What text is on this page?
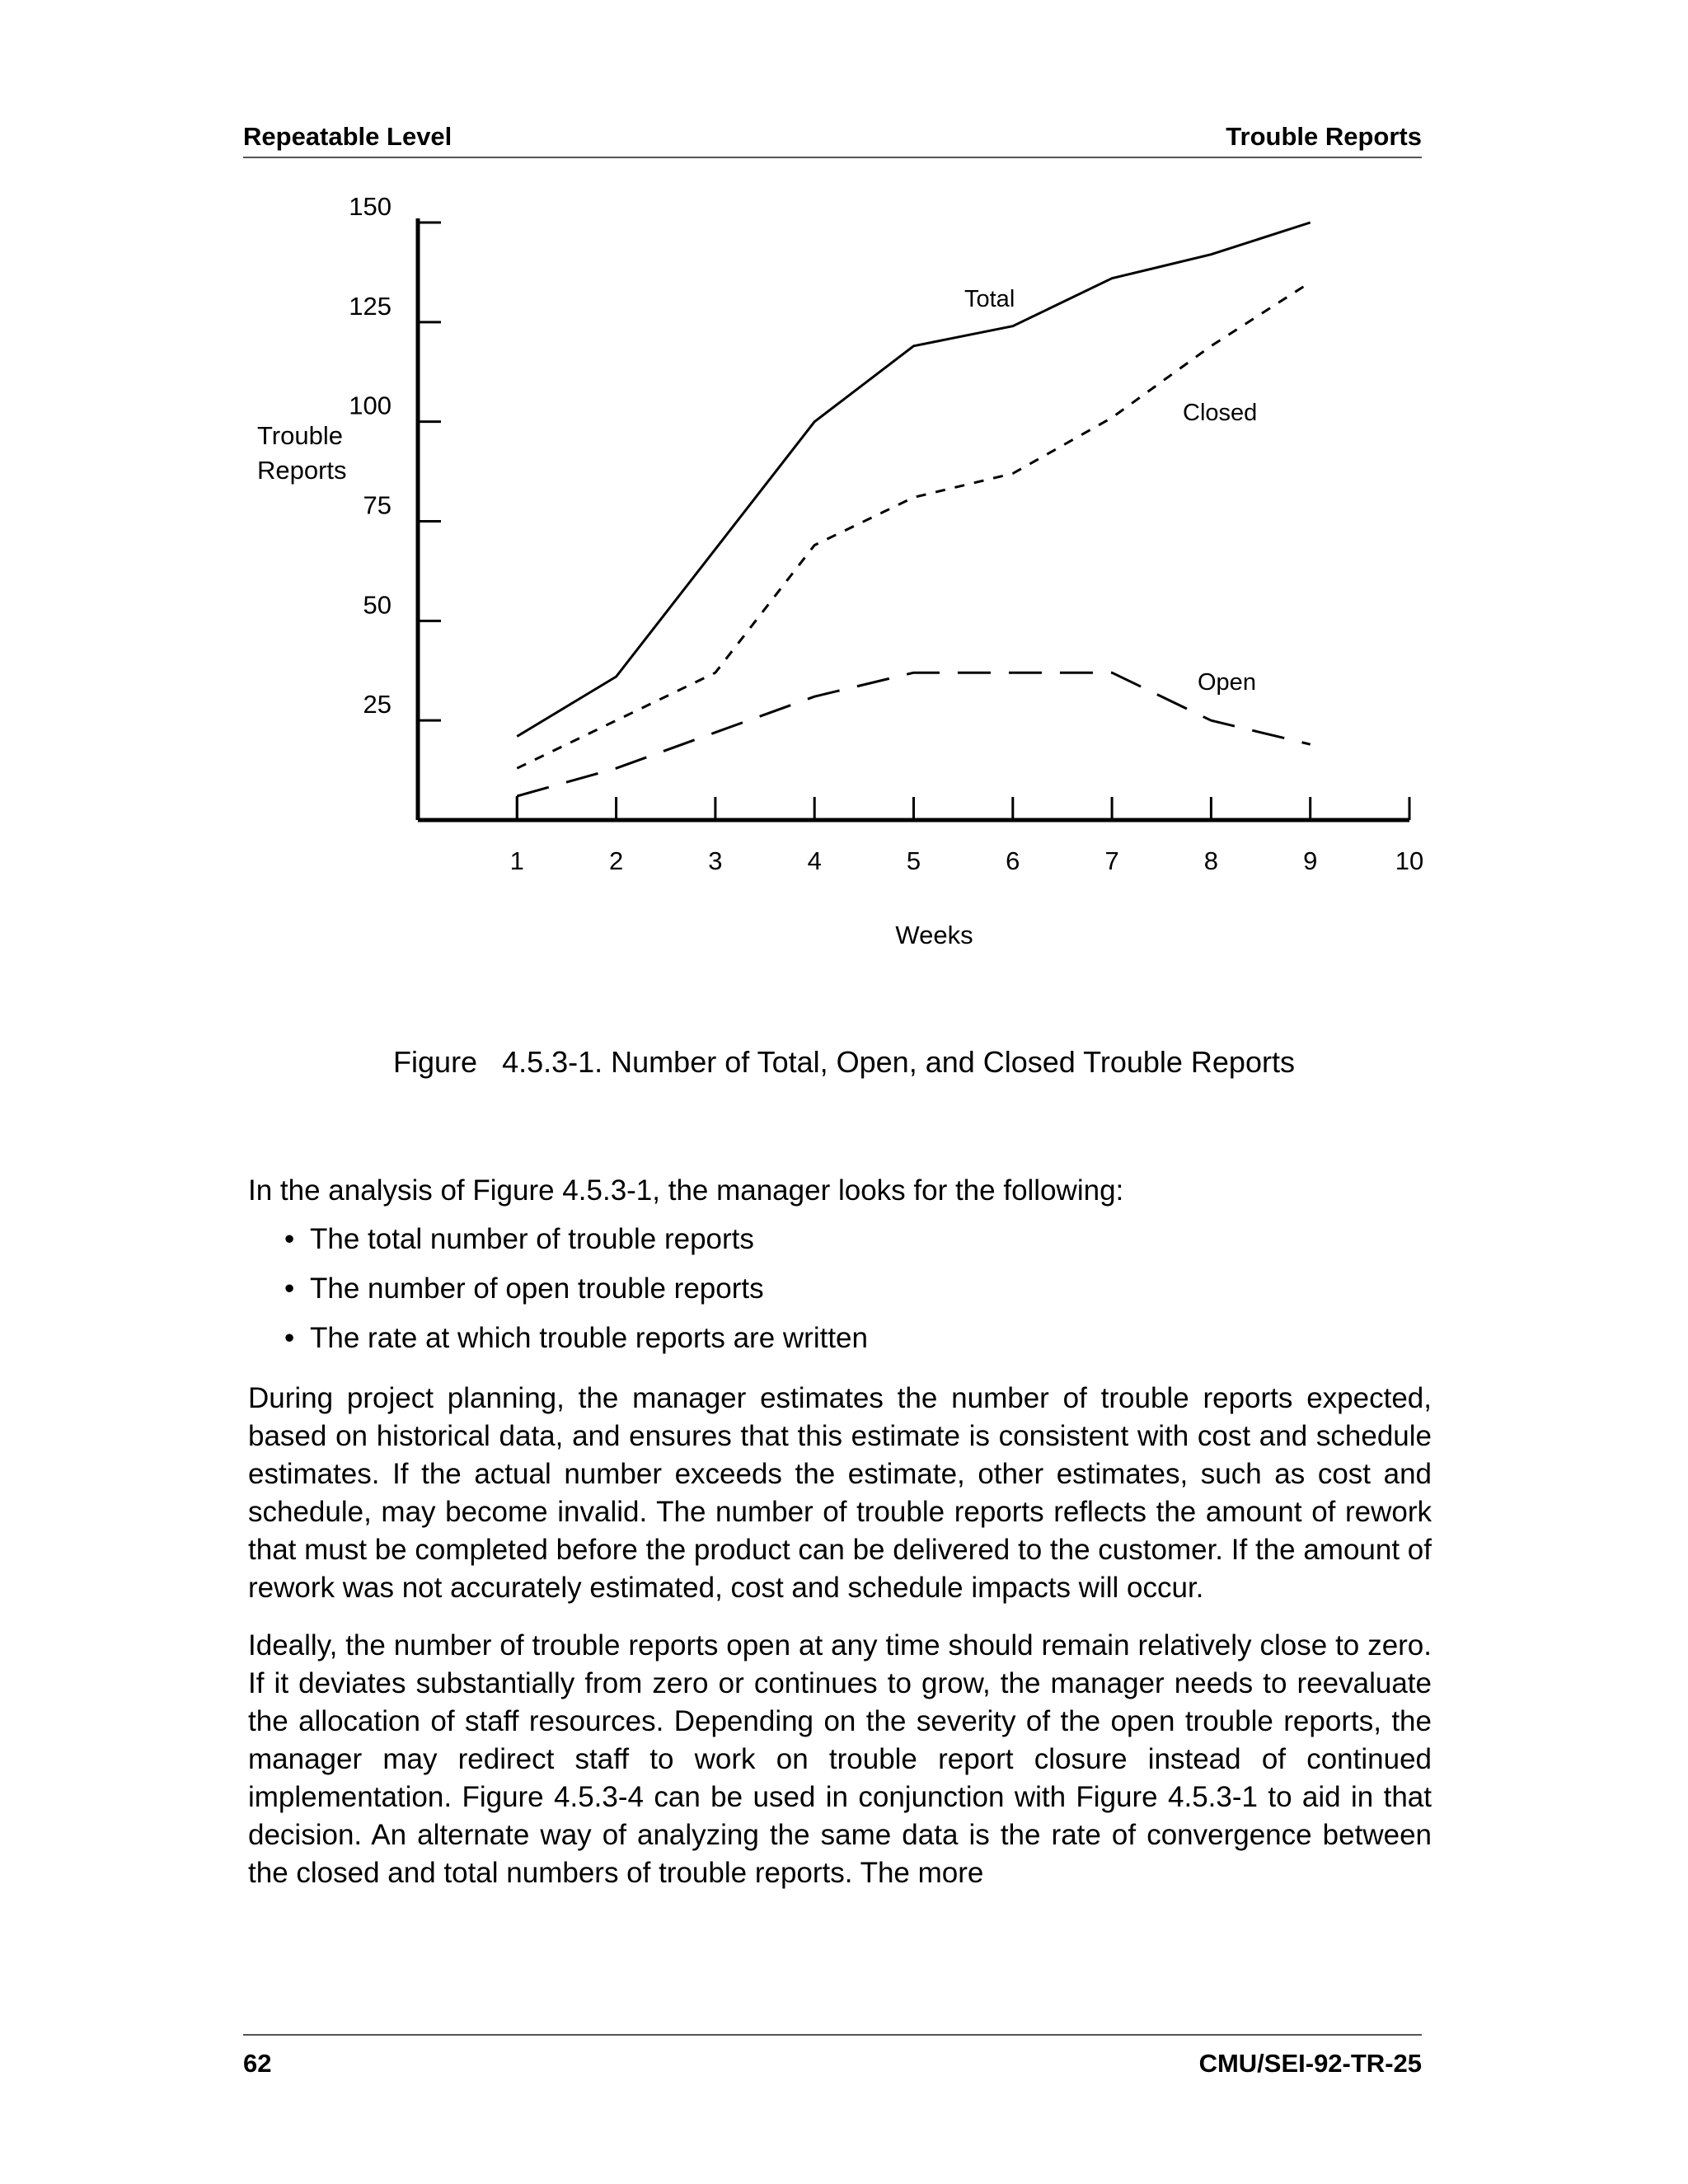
Repeatable Level	Trouble Reports
25
50
75
100
125
150
1	2	3	4	5	6	7	8	9	10
Weeks
Trouble
Reports
Total
Closed
Open
Figure   4.5.3-1. Number of Total, Open, and Closed Trouble Reports

In the analysis of Figure 4.5.3-1, the manager looks for the following:

• The total number of trouble reports
• The number of open trouble reports
• The rate at which trouble reports are written

During project planning, the manager estimates the number of trouble reports expected, based on historical data, and ensures that this estimate is consistent with cost and schedule estimates. If the actual number exceeds the estimate, other estimates, such as cost and schedule, may become invalid. The number of trouble reports reflects the amount of rework that must be completed before the product can be delivered to the customer. If the amount of rework was not accurately estimated, cost and schedule impacts will occur.

Ideally, the number of trouble reports open at any time should remain relatively close to zero. If it deviates substantially from zero or continues to grow, the manager needs to reevaluate the allocation of staff resources. Depending on the severity of the open trouble reports, the manager may redirect staff to work on trouble report closure instead of continued implementation. Figure 4.5.3-4 can be used in conjunction with Figure 4.5.3-1 to aid in that decision. An alternate way of analyzing the same data is the rate of convergence between the closed and total numbers of trouble reports. The more

62	CMU/SEI-92-TR-25
